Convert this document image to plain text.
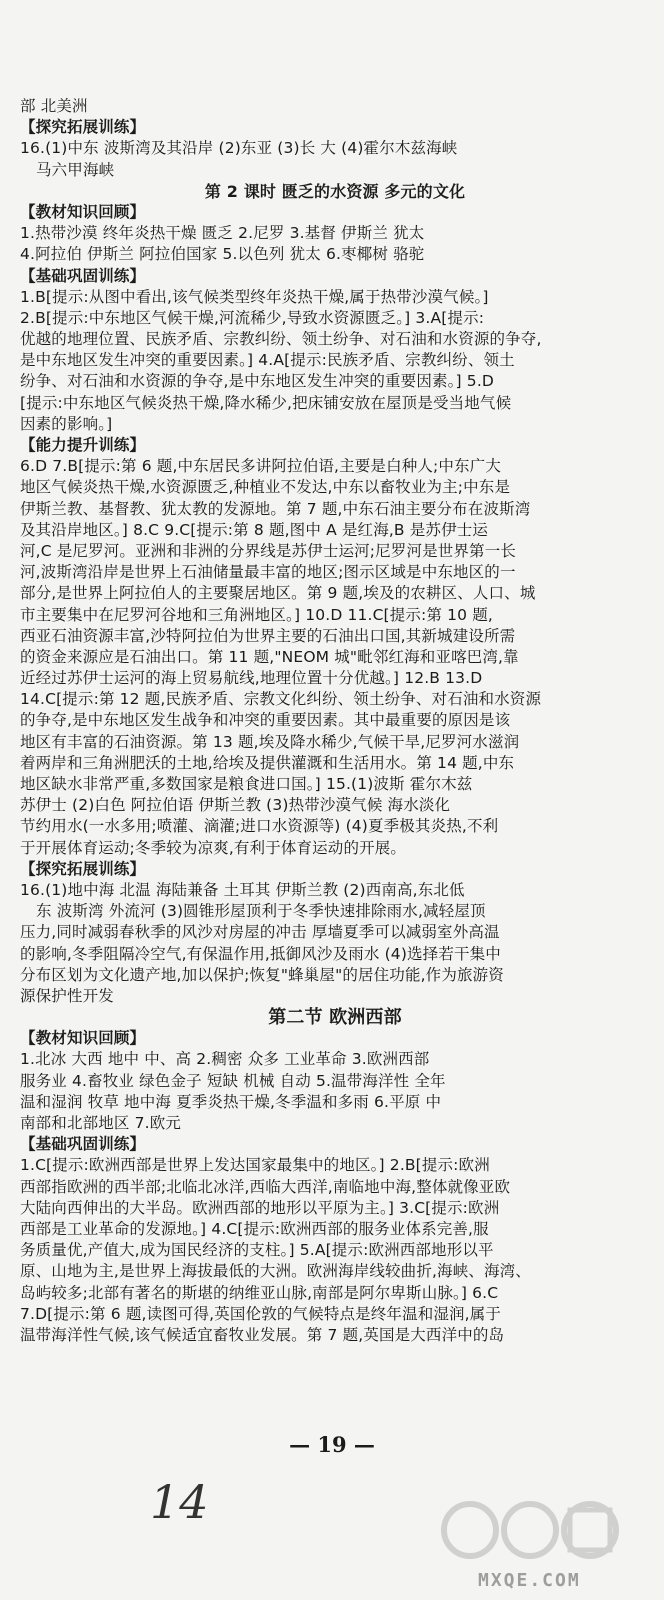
部 北美洲
【探究拓展训练】
16.(1)中东 波斯湾及其沿岸 (2)东亚 (3)长 大 (4)霍尔木兹海峡
马六甲海峡
第 2 课时 匮乏的水资源 多元的文化
【教材知识回顾】
1.热带沙漠 终年炎热干燥 匮乏 2.尼罗 3.基督 伊斯兰 犹太
4.阿拉伯 伊斯兰 阿拉伯国家 5.以色列 犹太 6.枣椰树 骆驼
【基础巩固训练】
1.B[提示:从图中看出,该气候类型终年炎热干燥,属于热带沙漠气候。]
2.B[提示:中东地区气候干燥,河流稀少,导致水资源匮乏。] 3.A[提示:
优越的地理位置、民族矛盾、宗教纠纷、领土纷争、对石油和水资源的争夺,
是中东地区发生冲突的重要因素。] 4.A[提示:民族矛盾、宗教纠纷、领土
纷争、对石油和水资源的争夺,是中东地区发生冲突的重要因素。] 5.D
[提示:中东地区气候炎热干燥,降水稀少,把床铺安放在屋顶是受当地气候
因素的影响。]
【能力提升训练】
6.D 7.B[提示:第 6 题,中东居民多讲阿拉伯语,主要是白种人;中东广大
地区气候炎热干燥,水资源匮乏,种植业不发达,中东以畜牧业为主;中东是
伊斯兰教、基督教、犹太教的发源地。第 7 题,中东石油主要分布在波斯湾
及其沿岸地区。] 8.C 9.C[提示:第 8 题,图中 A 是红海,B 是苏伊士运
河,C 是尼罗河。亚洲和非洲的分界线是苏伊士运河;尼罗河是世界第一长
河,波斯湾沿岸是世界上石油储量最丰富的地区;图示区域是中东地区的一
部分,是世界上阿拉伯人的主要聚居地区。第 9 题,埃及的农耕区、人口、城
市主要集中在尼罗河谷地和三角洲地区。] 10.D 11.C[提示:第 10 题,
西亚石油资源丰富,沙特阿拉伯为世界主要的石油出口国,其新城建设所需
的资金来源应是石油出口。第 11 题,"NEOM 城"毗邻红海和亚喀巴湾,靠
近经过苏伊士运河的海上贸易航线,地理位置十分优越。] 12.B 13.D
14.C[提示:第 12 题,民族矛盾、宗教文化纠纷、领土纷争、对石油和水资源
的争夺,是中东地区发生战争和冲突的重要因素。其中最重要的原因是该
地区有丰富的石油资源。第 13 题,埃及降水稀少,气候干旱,尼罗河水滋润
着两岸和三角洲肥沃的土地,给埃及提供灌溉和生活用水。第 14 题,中东
地区缺水非常严重,多数国家是粮食进口国。] 15.(1)波斯 霍尔木兹
苏伊士 (2)白色 阿拉伯语 伊斯兰教 (3)热带沙漠气候 海水淡化
节约用水(一水多用;喷灌、滴灌;进口水资源等) (4)夏季极其炎热,不利
于开展体育运动;冬季较为凉爽,有利于体育运动的开展。
【探究拓展训练】
16.(1)地中海 北温 海陆兼备 土耳其 伊斯兰教 (2)西南高,东北低
东 波斯湾 外流河 (3)圆锥形屋顶利于冬季快速排除雨水,减轻屋顶
压力,同时减弱春秋季的风沙对房屋的冲击 厚墙夏季可以减弱室外高温
的影响,冬季阻隔冷空气,有保温作用,抵御风沙及雨水 (4)选择若干集中
分布区划为文化遗产地,加以保护;恢复"蜂巢屋"的居住功能,作为旅游资
源保护性开发
第二节 欧洲西部
【教材知识回顾】
1.北冰 大西 地中 中、高 2.稠密 众多 工业革命 3.欧洲西部
服务业 4.畜牧业 绿色金子 短缺 机械 自动 5.温带海洋性 全年
温和湿润 牧草 地中海 夏季炎热干燥,冬季温和多雨 6.平原 中
南部和北部地区 7.欧元
【基础巩固训练】
1.C[提示:欧洲西部是世界上发达国家最集中的地区。] 2.B[提示:欧洲
西部指欧洲的西半部;北临北冰洋,西临大西洋,南临地中海,整体就像亚欧
大陆向西伸出的大半岛。欧洲西部的地形以平原为主。] 3.C[提示:欧洲
西部是工业革命的发源地。] 4.C[提示:欧洲西部的服务业体系完善,服
务质量优,产值大,成为国民经济的支柱。] 5.A[提示:欧洲西部地形以平
原、山地为主,是世界上海拔最低的大洲。欧洲海岸线较曲折,海峡、海湾、
岛屿较多;北部有著名的斯堪的纳维亚山脉,南部是阿尔卑斯山脉。] 6.C
7.D[提示:第 6 题,读图可得,英国伦敦的气候特点是终年温和湿润,属于
温带海洋性气候,该气候适宜畜牧业发展。第 7 题,英国是大西洋中的岛
— 19 —
14
MXQE.COM
